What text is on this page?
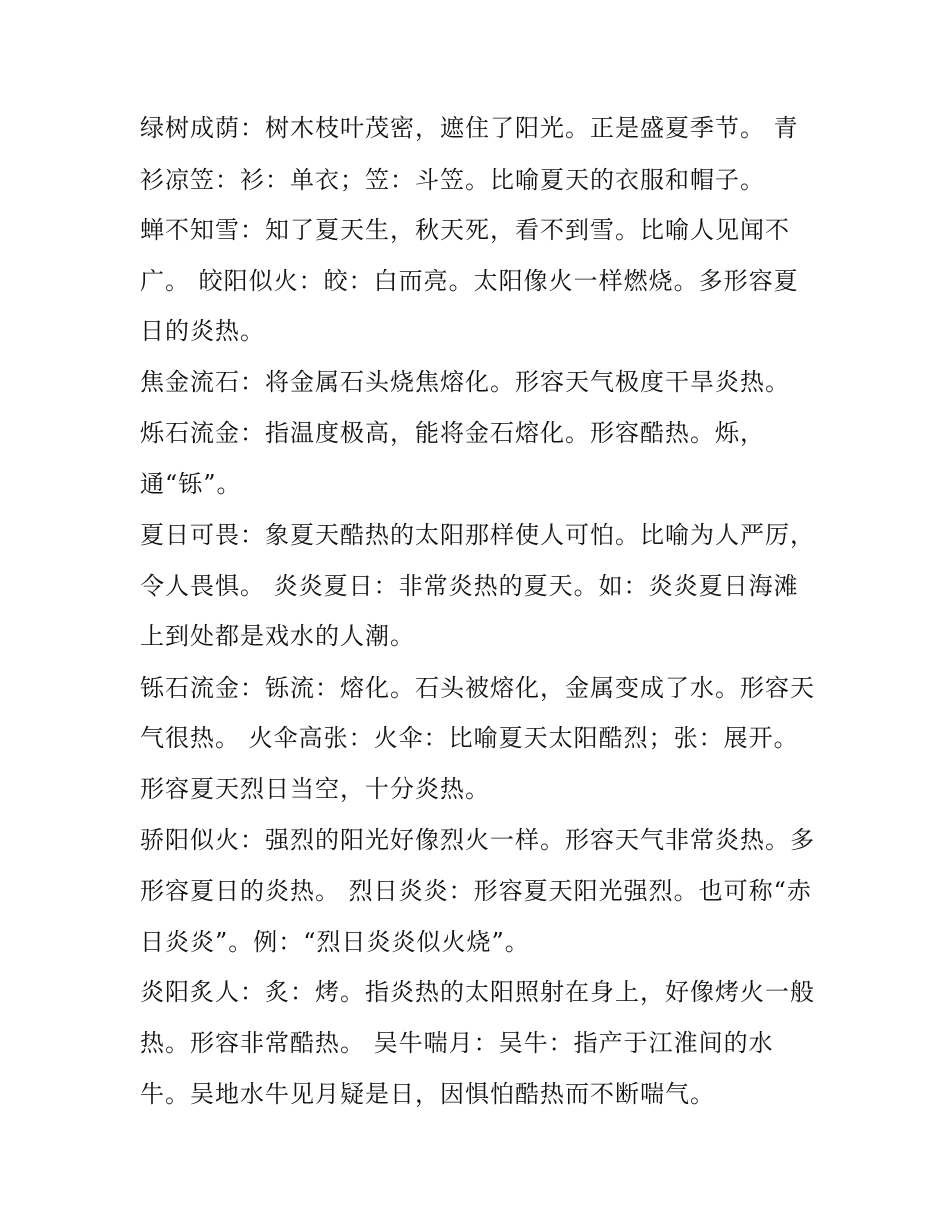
绿树成荫：树木枝叶茂密，遮住了阳光。正是盛夏季节。 青
衫凉笠：衫：单衣；笠：斗笠。比喻夏天的衣服和帽子。
蝉不知雪：知了夏天生，秋天死，看不到雪。比喻人见闻不
广。 皎阳似火：皎：白而亮。太阳像火一样燃烧。多形容夏
日的炎热。
焦金流石：将金属石头烧焦熔化。形容天气极度干旱炎热。
烁石流金：指温度极高，能将金石熔化。形容酷热。烁，
通“铄”。
夏日可畏：象夏天酷热的太阳那样使人可怕。比喻为人严厉，
令人畏惧。 炎炎夏日：非常炎热的夏天。如：炎炎夏日海滩
上到处都是戏水的人潮。
铄石流金：铄流：熔化。石头被熔化，金属变成了水。形容天
气很热。 火伞高张：火伞：比喻夏天太阳酷烈；张：展开。
形容夏天烈日当空，十分炎热。
骄阳似火：强烈的阳光好像烈火一样。形容天气非常炎热。多
形容夏日的炎热。 烈日炎炎：形容夏天阳光强烈。也可称“赤
日炎炎”。例：“烈日炎炎似火烧”。
炎阳炙人：炙：烤。指炎热的太阳照射在身上，好像烤火一般
热。形容非常酷热。 吴牛喘月：吴牛：指产于江淮间的水
牛。吴地水牛见月疑是日，因惧怕酷热而不断喘气。
